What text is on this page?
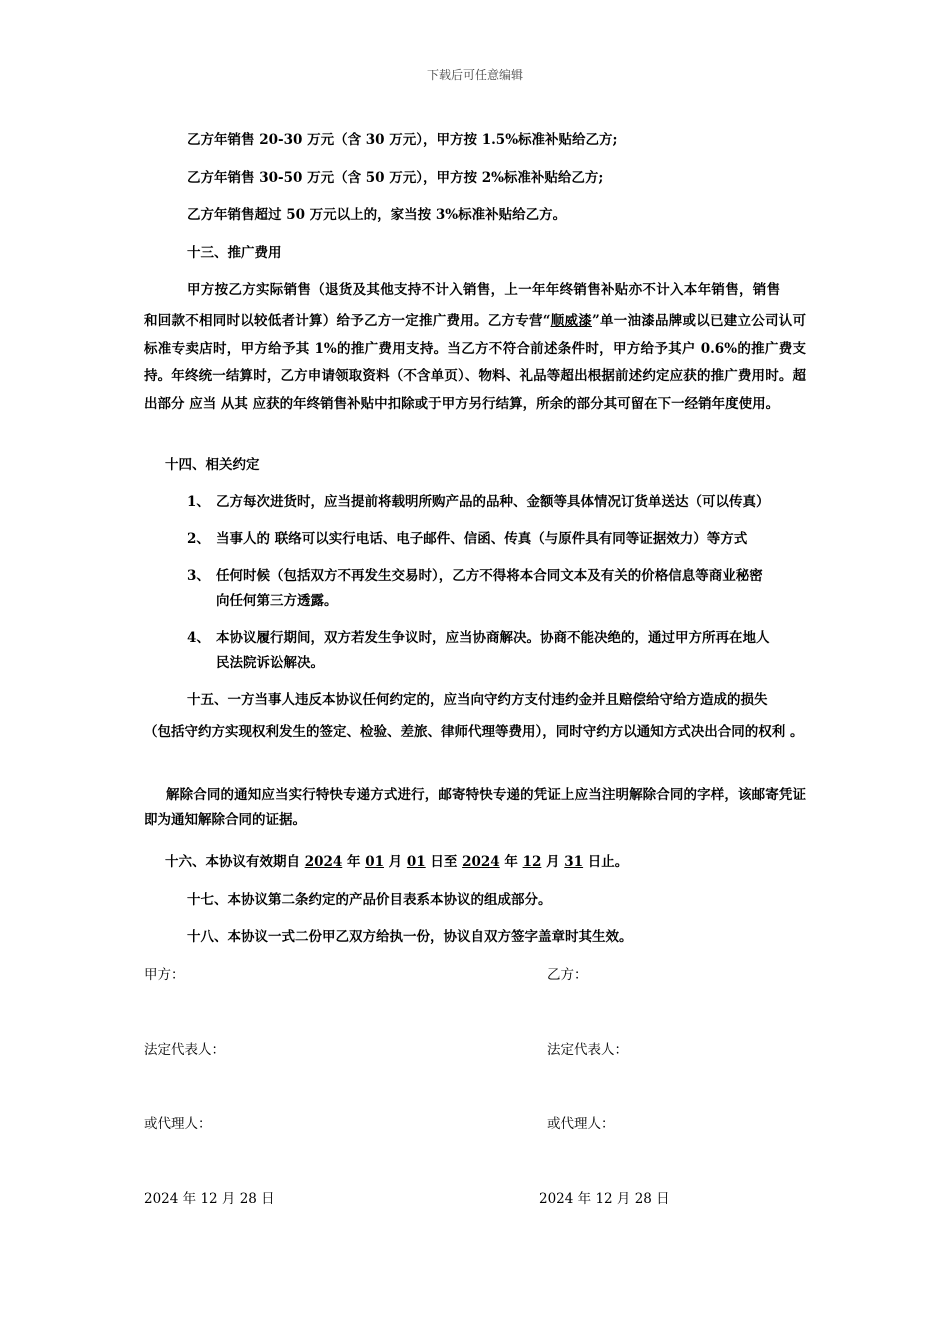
下载后可任意编辑
乙方年销售 20-30 万元（含 30 万元），甲方按 1.5%标准补贴给乙方;
乙方年销售 30-50 万元（含 50 万元），甲方按 2%标准补贴给乙方;
乙方年销售超过 50 万元以上的，家当按 3%标准补贴给乙方。
十三、推广费用
甲方按乙方实际销售（退货及其他支持不计入销售，上一年年终销售补贴亦不计入本年销售，销售
和回款不相同时以较低者计算）给予乙方一定推广费用。乙方专营“顺威漆”单一油漆品牌或以已建立公司认可标准专卖店时，甲方给予其 1%的推广费用支持。当乙方不符合前述条件时，甲方给予其户 0.6%的推广费支持。年终统一结算时，乙方申请领取资料（不含单页）、物料、礼品等超出根据前述约定应获的推广费用时。超出部分 应当 从其 应获的年终销售补贴中扣除或于甲方另行结算，所余的部分其可留在下一经销年度使用。
十四、相关约定
1、 乙方每次进货时，应当提前将载明所购产品的品种、金额等具体情况订货单送达（可以传真）
2、 当事人的 联络可以实行电话、电子邮件、信函、传真（与原件具有同等证据效力）等方式
3、 任何时候（包括双方不再发生交易时），乙方不得将本合同文本及有关的价格信息等商业秘密
向任何第三方透露。
4、 本协议履行期间，双方若发生争议时，应当协商解决。协商不能决绝的，通过甲方所再在地人
民法院诉讼解决。
十五、一方当事人违反本协议任何约定的，应当向守约方支付违约金并且赔偿给守给方造成的损失
（包括守约方实现权利发生的签定、检验、差旅、律师代理等费用），同时守约方以通知方式决出合同的权利 。
解除合同的通知应当实行特快专递方式进行，邮寄特快专递的凭证上应当注明解除合同的字样，该邮寄凭证即为通知解除合同的证据。
十六、本协议有效期自 2024 年 01 月 01 日至 2024 年 12 月 31 日止。
十七、本协议第二条约定的产品价目表系本协议的组成部分。
十八、本协议一式二份甲乙双方给执一份，协议自双方签字盖章时其生效。
甲方：	乙方：
法定代表人：	法定代表人：
或代理人：	或代理人：
2024 年 12 月 28 日	2024 年 12 月 28 日
